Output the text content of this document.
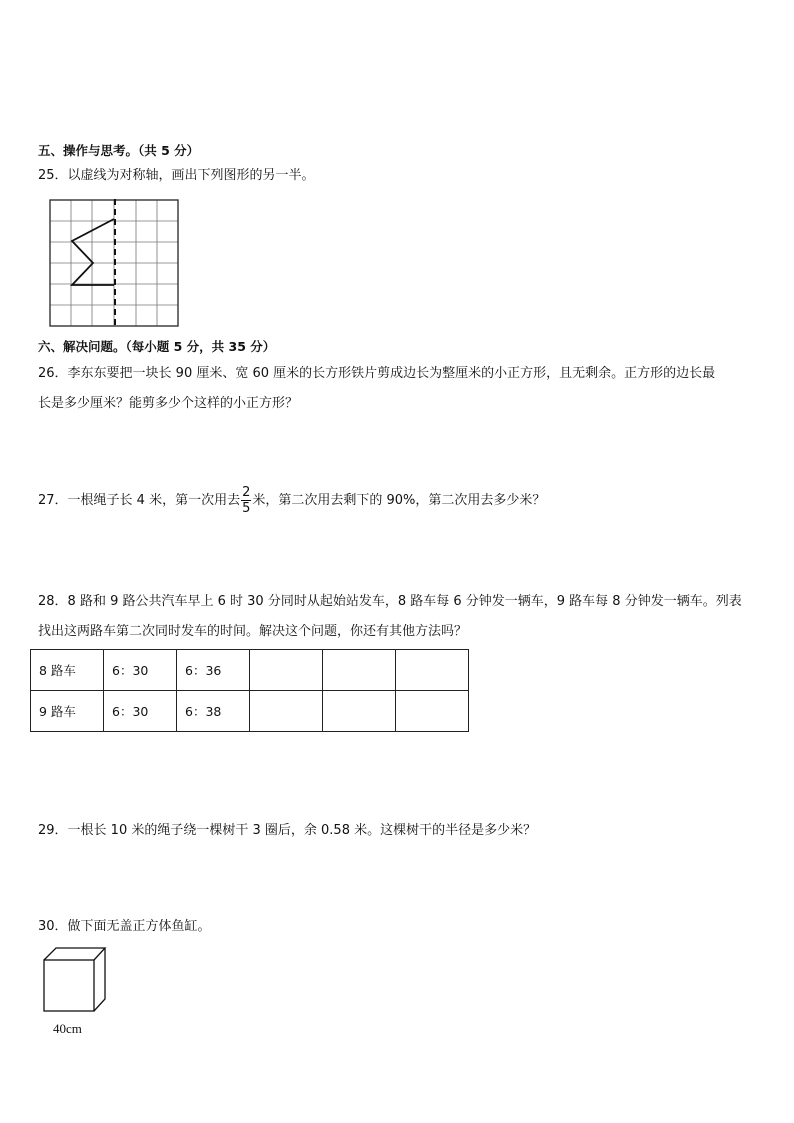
五、操作与思考。（共 5 分）
25．以虚线为对称轴，画出下列图形的另一半。
六、解决问题。（每小题 5 分，共 35 分）
26．李东东要把一块长 90 厘米、宽 60 厘米的长方形铁片剪成边长为整厘米的小正方形，且无剩余。正方形的边长最
长是多少厘米？能剪多少个这样的小正方形？
27．一根绳子长 4 米，第一次用去 $\frac{2}{5}$ 米，第二次用去剩下的 90%，第二次用去多少米？
28．8 路和 9 路公共汽车早上 6 时 30 分同时从起始站发车，8 路车每 6 分钟发一辆车，9 路车每 8 分钟发一辆车。列表
找出这两路车第二次同时发车的时间。解决这个问题，你还有其他方法吗？
8 路车	6：30	6：36			
9 路车	6：30	6：38			
29．一根长 10 米的绳子绕一棵树干 3 圈后，余 0.58 米。这棵树干的半径是多少米？
30．做下面无盖正方体鱼缸。
40cm
